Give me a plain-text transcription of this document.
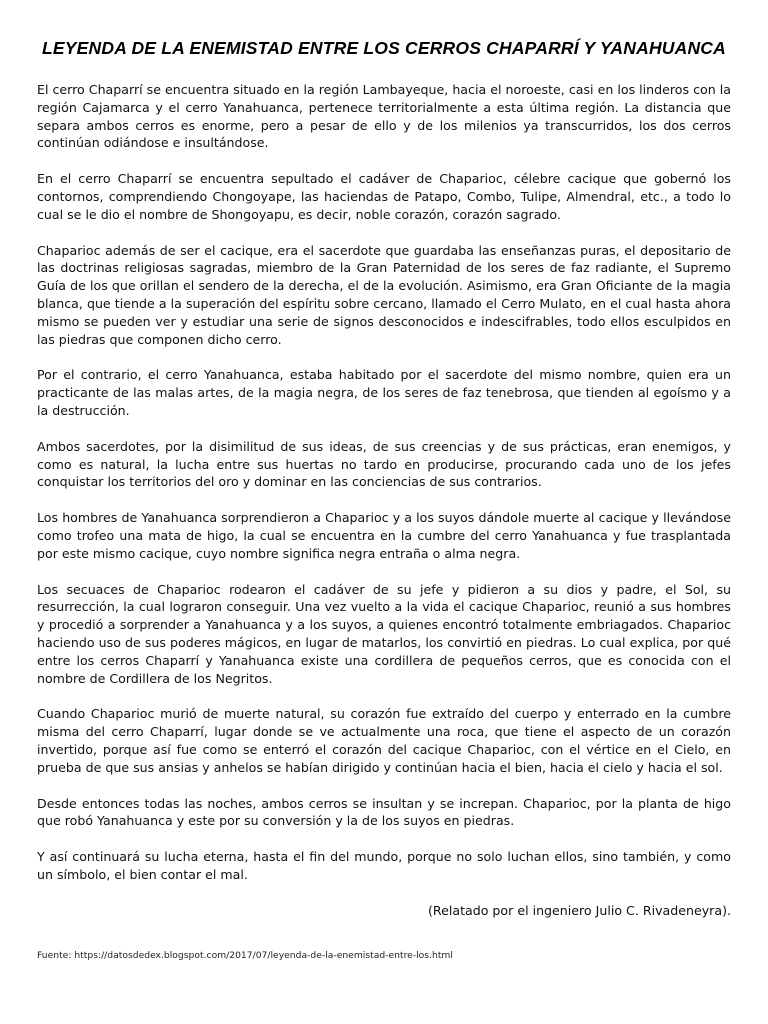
LEYENDA DE LA ENEMISTAD ENTRE LOS CERROS CHAPARRÍ Y YANAHUANCA

El cerro Chaparrí se encuentra situado en la región Lambayeque, hacia el noroeste, casi en los linderos con la región Cajamarca y el cerro Yanahuanca, pertenece territorialmente a esta última región. La distancia que separa ambos cerros es enorme, pero a pesar de ello y de los milenios ya transcurridos, los dos cerros continúan odiándose e insultándose.

En el cerro Chaparrí se encuentra sepultado el cadáver de Chaparioc, célebre cacique que gobernó los contornos, comprendiendo Chongoyape, las haciendas de Patapo, Combo, Tulipe, Almendral, etc., a todo lo cual se le dio el nombre de Shongoyapu, es decir, noble corazón, corazón sagrado.

Chaparioc además de ser el cacique, era el sacerdote que guardaba las enseñanzas puras, el depositario de las doctrinas religiosas sagradas, miembro de la Gran Paternidad de los seres de faz radiante, el Supremo Guía de los que orillan el sendero de la derecha, el de la evolución. Asimismo, era Gran Oficiante de la magia blanca, que tiende a la superación del espíritu sobre cercano, llamado el Cerro Mulato, en el cual hasta ahora mismo se pueden ver y estudiar una serie de signos desconocidos e indescifrables, todo ellos esculpidos en las piedras que componen dicho cerro.

Por el contrario, el cerro Yanahuanca, estaba habitado por el sacerdote del mismo nombre, quien era un practicante de las malas artes, de la magia negra, de los seres de faz tenebrosa, que tienden al egoísmo y a la destrucción.

Ambos sacerdotes, por la disimilitud de sus ideas, de sus creencias y de sus prácticas, eran enemigos, y como es natural, la lucha entre sus huertas no tardo en producirse, procurando cada uno de los jefes conquistar los territorios del oro y dominar en las conciencias de sus contrarios.

Los hombres de Yanahuanca sorprendieron a Chaparioc y a los suyos dándole muerte al cacique y llevándose como trofeo una mata de higo, la cual se encuentra en la cumbre del cerro Yanahuanca y fue trasplantada por este mismo cacique, cuyo nombre significa negra entraña o alma negra.

Los secuaces de Chaparioc rodearon el cadáver de su jefe y pidieron a su dios y padre, el Sol, su resurrección, la cual lograron conseguir. Una vez vuelto a la vida el cacique Chaparioc, reunió a sus hombres y procedió a sorprender a Yanahuanca y a los suyos, a quienes encontró totalmente embriagados. Chaparioc haciendo uso de sus poderes mágicos, en lugar de matarlos, los convirtió en piedras. Lo cual explica, por qué entre los cerros Chaparrí y Yanahuanca existe una cordillera de pequeños cerros, que es conocida con el nombre de Cordillera de los Negritos.

Cuando Chaparioc murió de muerte natural, su corazón fue extraído del cuerpo y enterrado en la cumbre misma del cerro Chaparrí, lugar donde se ve actualmente una roca, que tiene el aspecto de un corazón invertido, porque así fue como se enterró el corazón del cacique Chaparioc, con el vértice en el Cielo, en prueba de que sus ansias y anhelos se habían dirigido y continúan hacia el bien, hacia el cielo y hacia el sol.

Desde entonces todas las noches, ambos cerros se insultan y se increpan. Chaparioc, por la planta de higo que robó Yanahuanca y este por su conversión y la de los suyos en piedras.

Y así continuará su lucha eterna, hasta el fin del mundo, porque no solo luchan ellos, sino también, y como un símbolo, el bien contar el mal.

(Relatado por el ingeniero Julio C. Rivadeneyra).
Fuente: https://datosdedex.blogspot.com/2017/07/leyenda-de-la-enemistad-entre-los.html
